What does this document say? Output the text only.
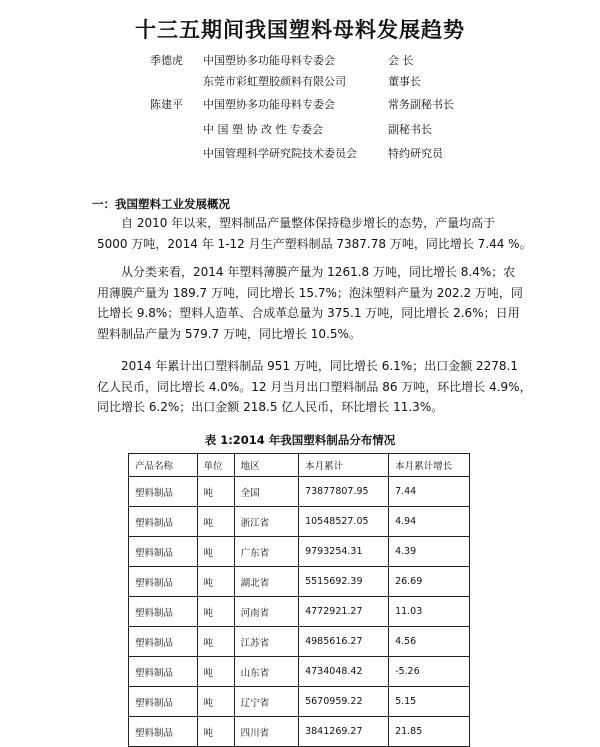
十三五期间我国塑料母料发展趋势
季德虎 中国塑协多功能母料专委会	会 长
东莞市彩虹塑胶颜料有限公司	董事长
陈建平 中国塑协多功能母料专委会	常务副秘书长
中 国 塑 协 改 性 专委会	副秘书长
中国管理科学研究院技术委员会	特约研究员
一：我国塑料工业发展概况
自 2010 年以来，塑料制品产量整体保持稳步增长的态势，产量均高于
5000 万吨，2014 年 1-12 月生产塑料制品 7387.78 万吨，同比增长 7.44 %。
从分类来看，2014 年塑料薄膜产量为 1261.8 万吨，同比增长 8.4%；农
用薄膜产量为 189.7 万吨，同比增长 15.7%；泡沫塑料产量为 202.2 万吨，同
比增长 9.8%；塑料人造革、合成革总量为 375.1 万吨，同比增长 2.6%；日用
塑料制品产量为 579.7 万吨，同比增长 10.5%。
2014 年累计出口塑料制品 951 万吨，同比增长 6.1%；出口金额 2278.1
亿人民币，同比增长 4.0%。12 月当月出口塑料制品 86 万吨，环比增长 4.9%，
同比增长 6.2%；出口金额 218.5 亿人民币，环比增长 11.3%。
表 1:2014 年我国塑料制品分布情况
产品名称	单位	地区	本月累计	本月累计增长
塑料制品	吨	全国	73877807.95	7.44
塑料制品	吨	浙江省	10548527.05	4.94
塑料制品	吨	广东省	9793254.31	4.39
塑料制品	吨	湖北省	5515692.39	26.69
塑料制品	吨	河南省	4772921.27	11.03
塑料制品	吨	江苏省	4985616.27	4.56
塑料制品	吨	山东省	4734048.42	-5.26
塑料制品	吨	辽宁省	5670959.22	5.15
塑料制品	吨	四川省	3841269.27	21.85
